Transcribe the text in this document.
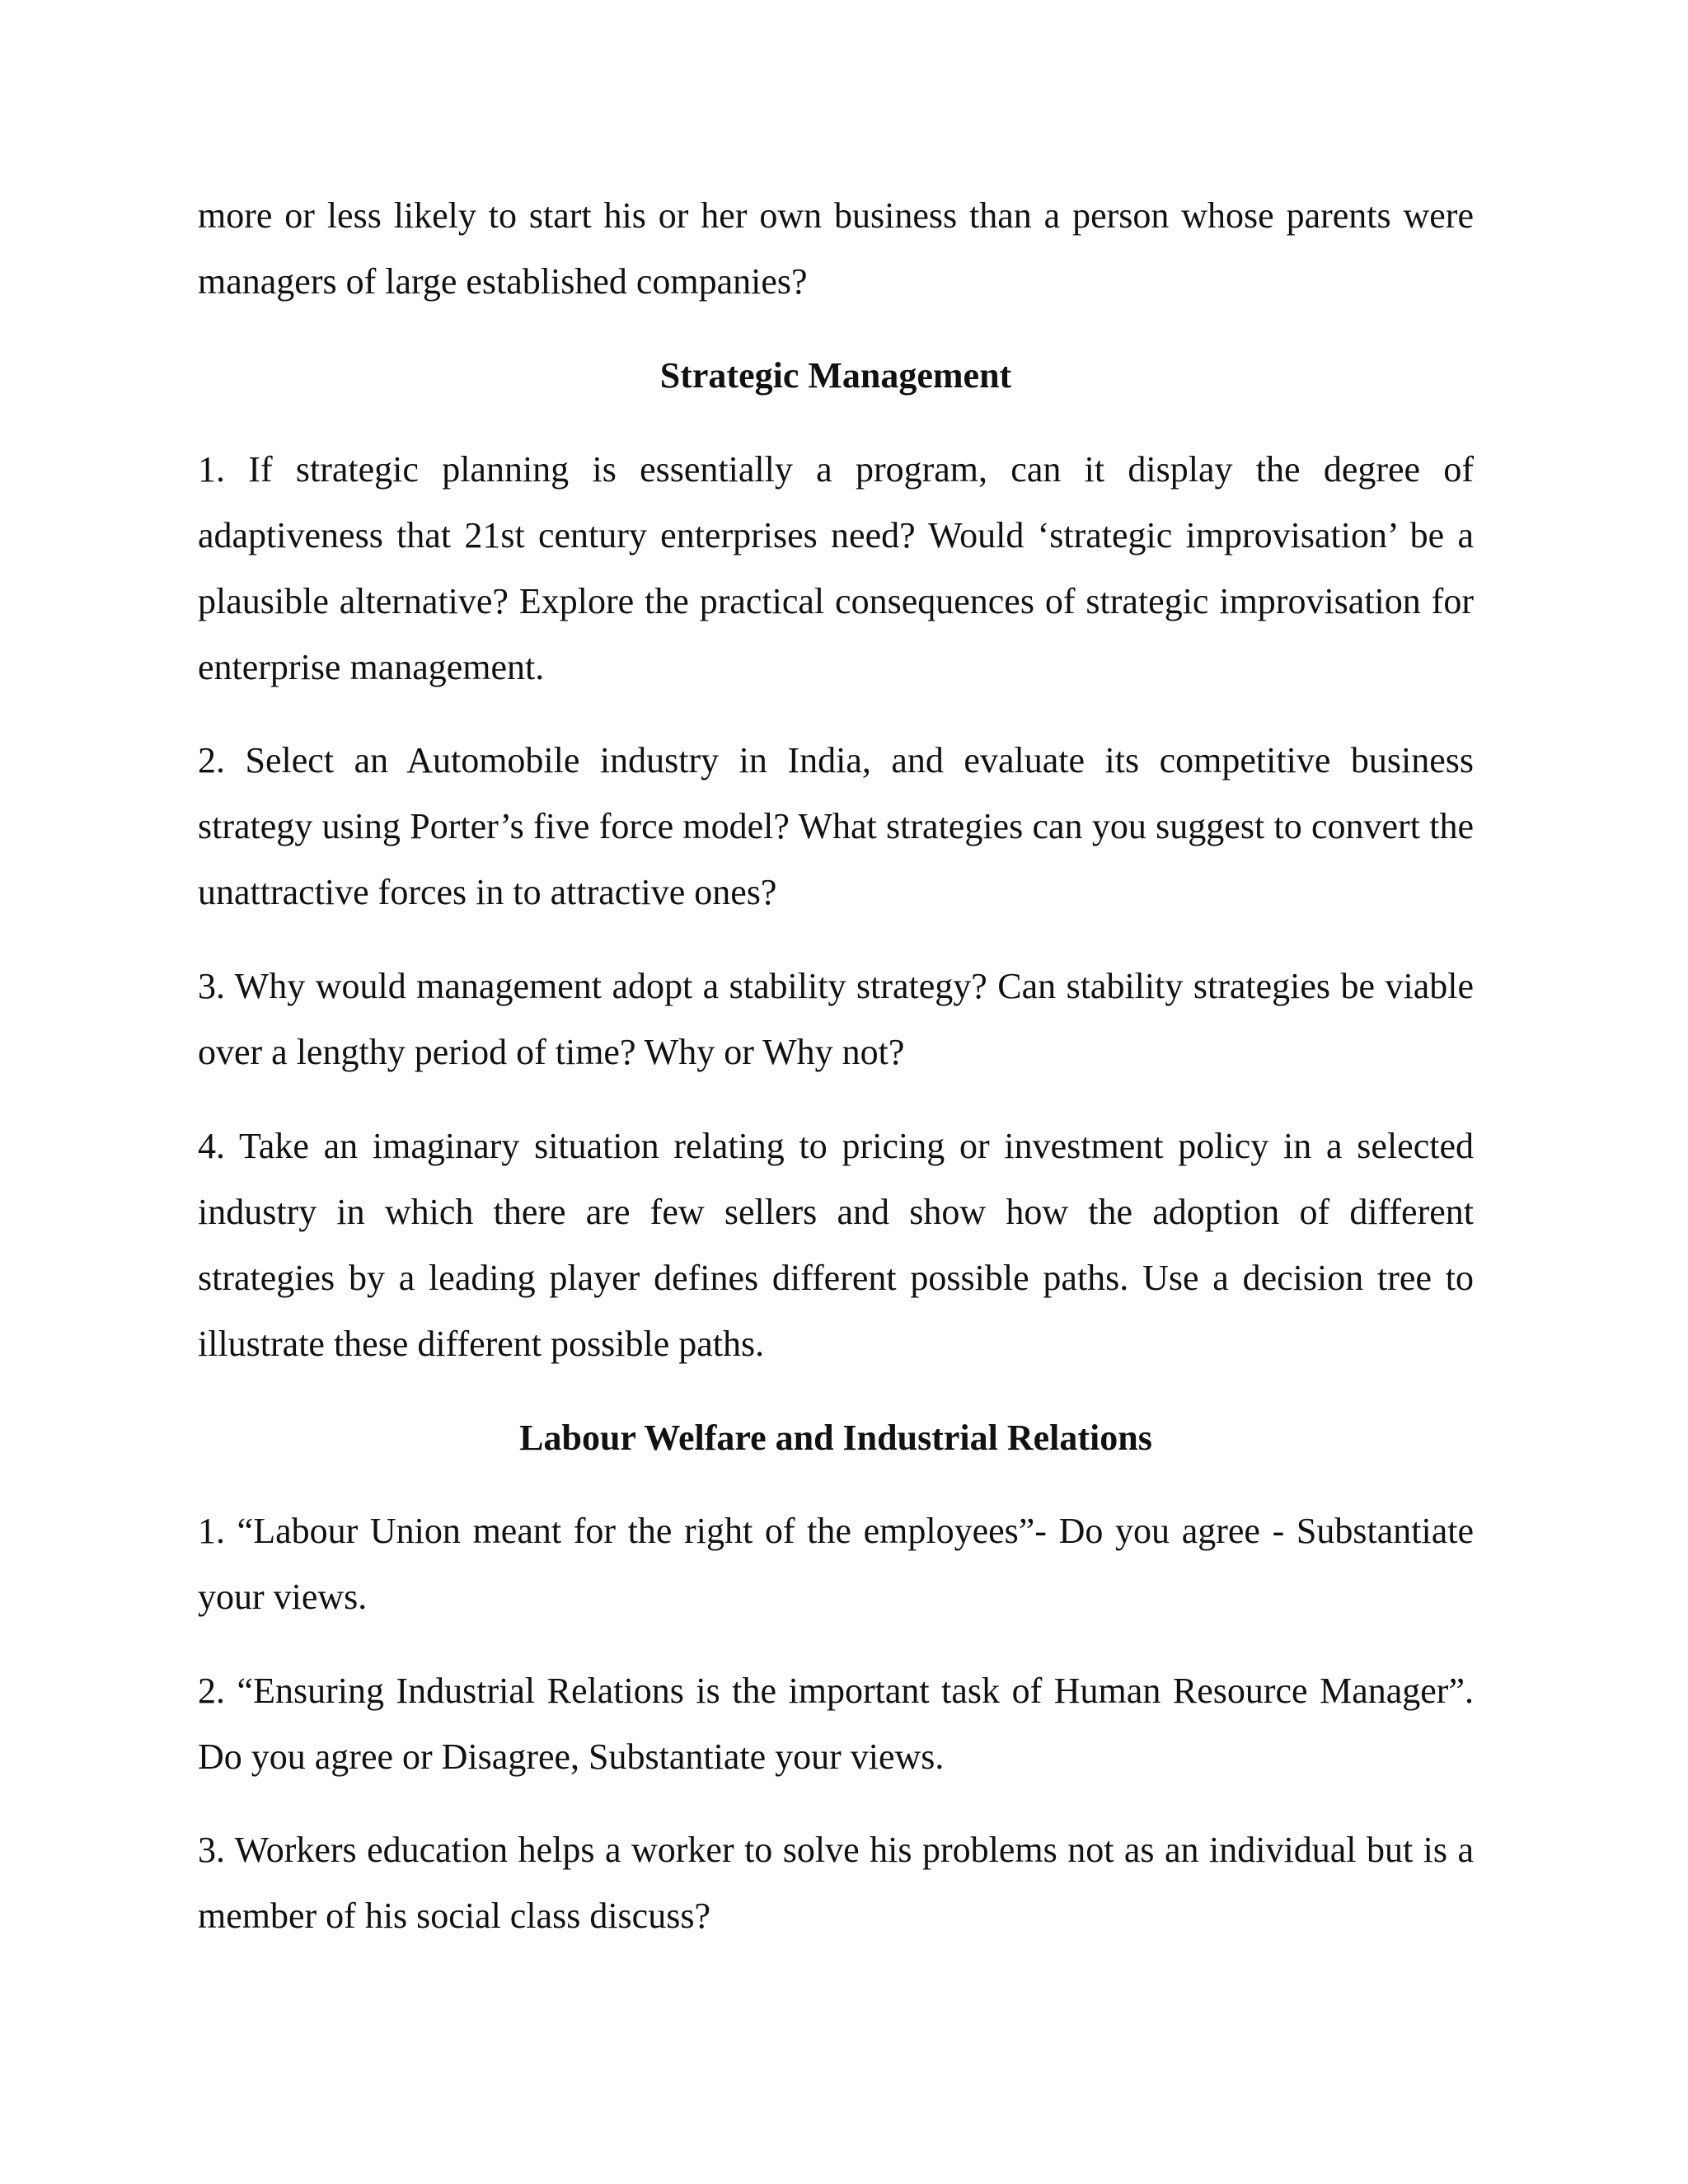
more or less likely to start his or her own business than a person whose parents were managers of large established companies?

Strategic Management

1. If strategic planning is essentially a program, can it display the degree of adaptiveness that 21st century enterprises need? Would ‘strategic improvisation’ be a plausible alternative? Explore the practical consequences of strategic improvisation for enterprise management.

2. Select an Automobile industry in India, and evaluate its competitive business strategy using Porter’s five force model? What strategies can you suggest to convert the unattractive forces in to attractive ones?

3. Why would management adopt a stability strategy? Can stability strategies be viable over a lengthy period of time? Why or Why not?

4. Take an imaginary situation relating to pricing or investment policy in a selected industry in which there are few sellers and show how the adoption of different strategies by a leading player defines different possible paths. Use a decision tree to illustrate these different possible paths.

Labour Welfare and Industrial Relations

1. “Labour Union meant for the right of the employees”- Do you agree - Substantiate your views.

2. “Ensuring Industrial Relations is the important task of Human Resource Manager”. Do you agree or Disagree, Substantiate your views.

3. Workers education helps a worker to solve his problems not as an individual but is a member of his social class discuss?
